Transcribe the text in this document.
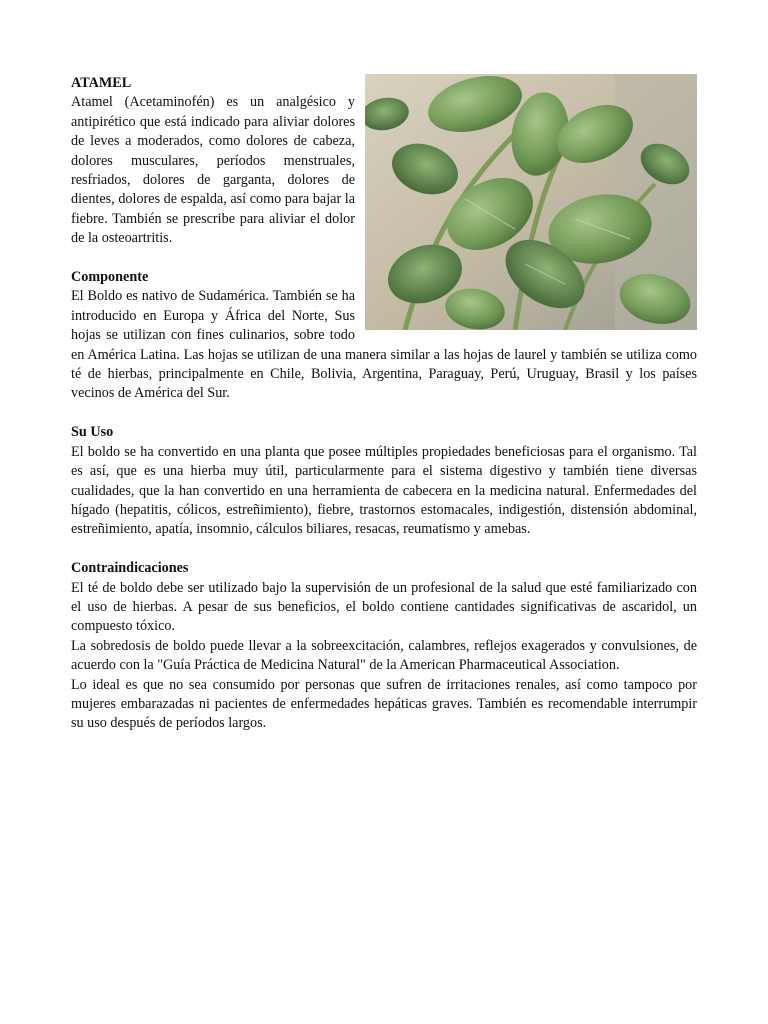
ATAMEL

Atamel (Acetaminofén) es un analgésico y antipirético que está indicado para aliviar dolores de leves a moderados, como dolores de cabeza, dolores musculares, períodos menstruales, resfriados, dolores de garganta, dolores de dientes, dolores de espalda, así como para bajar la fiebre. También se prescribe para aliviar el dolor de la osteoartritis.

Componente

El Boldo es nativo de Sudamérica. También se ha introducido en Europa y África del Norte, Sus hojas se utilizan con fines culinarios, sobre todo en América Latina. Las hojas se utilizan de una manera similar a las hojas de laurel y también se utiliza como té de hierbas, principalmente en Chile, Bolivia, Argentina, Paraguay, Perú, Uruguay, Brasil y los países vecinos de América del Sur.

Su Uso

El boldo se ha convertido en una planta que posee múltiples propiedades beneficiosas para el organismo. Tal es así, que es una hierba muy útil, particularmente para el sistema digestivo y también tiene diversas cualidades, que la han convertido en una herramienta de cabecera en la medicina natural. Enfermedades del hígado (hepatitis, cólicos, estreñimiento), fiebre, trastornos estomacales, indigestión, distensión abdominal, estreñimiento, apatía, insomnio, cálculos biliares, resacas, reumatismo y amebas.

Contraindicaciones

El té de boldo debe ser utilizado bajo la supervisión de un profesional de la salud que esté familiarizado con el uso de hierbas. A pesar de sus beneficios, el boldo contiene cantidades significativas de ascaridol, un compuesto tóxico.

La sobredosis de boldo puede llevar a la sobreexcitación, calambres, reflejos exagerados y convulsiones, de acuerdo con la "Guía Práctica de Medicina Natural" de la American Pharmaceutical Association.

Lo ideal es que no sea consumido por personas que sufren de irritaciones renales, así como tampoco por mujeres embarazadas ni pacientes de enfermedades hepáticas graves. También es recomendable interrumpir su uso después de períodos largos.
